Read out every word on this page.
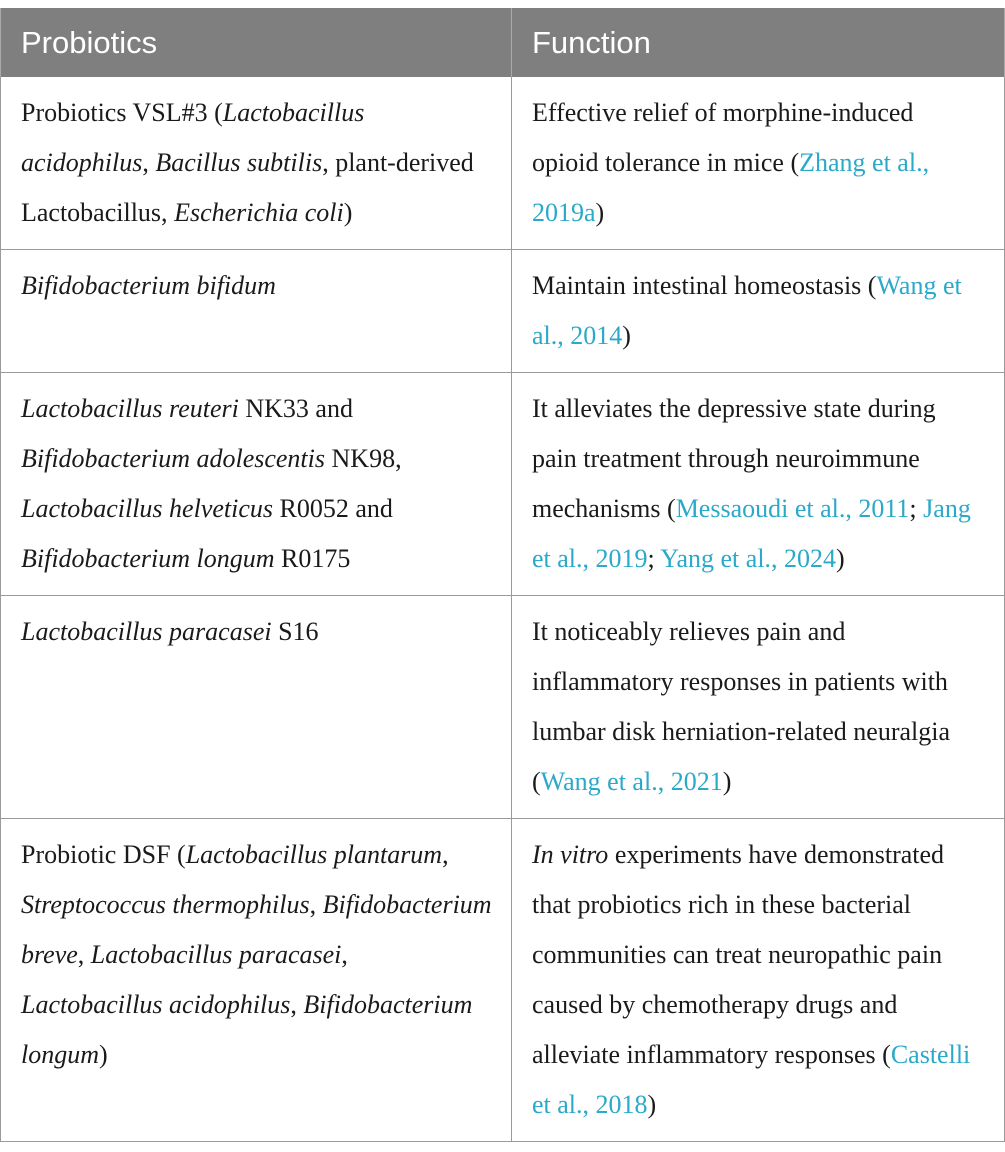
Probiotics	Function
Probiotics VSL#3 (Lactobacillus acidophilus, Bacillus subtilis, plant-derived Lactobacillus, Escherichia coli)	Effective relief of morphine-induced opioid tolerance in mice (Zhang et al., 2019a)
Bifidobacterium bifidum	Maintain intestinal homeostasis (Wang et al., 2014)
Lactobacillus reuteri NK33 and Bifidobacterium adolescentis NK98, Lactobacillus helveticus R0052 and Bifidobacterium longum R0175	It alleviates the depressive state during pain treatment through neuroimmune mechanisms (Messaoudi et al., 2011; Jang et al., 2019; Yang et al., 2024)
Lactobacillus paracasei S16	It noticeably relieves pain and inflammatory responses in patients with lumbar disk herniation-related neuralgia (Wang et al., 2021)
Probiotic DSF (Lactobacillus plantarum, Streptococcus thermophilus, Bifidobacterium breve, Lactobacillus paracasei, Lactobacillus acidophilus, Bifidobacterium longum)	In vitro experiments have demonstrated that probiotics rich in these bacterial communities can treat neuropathic pain caused by chemotherapy drugs and alleviate inflammatory responses (Castelli et al., 2018)
